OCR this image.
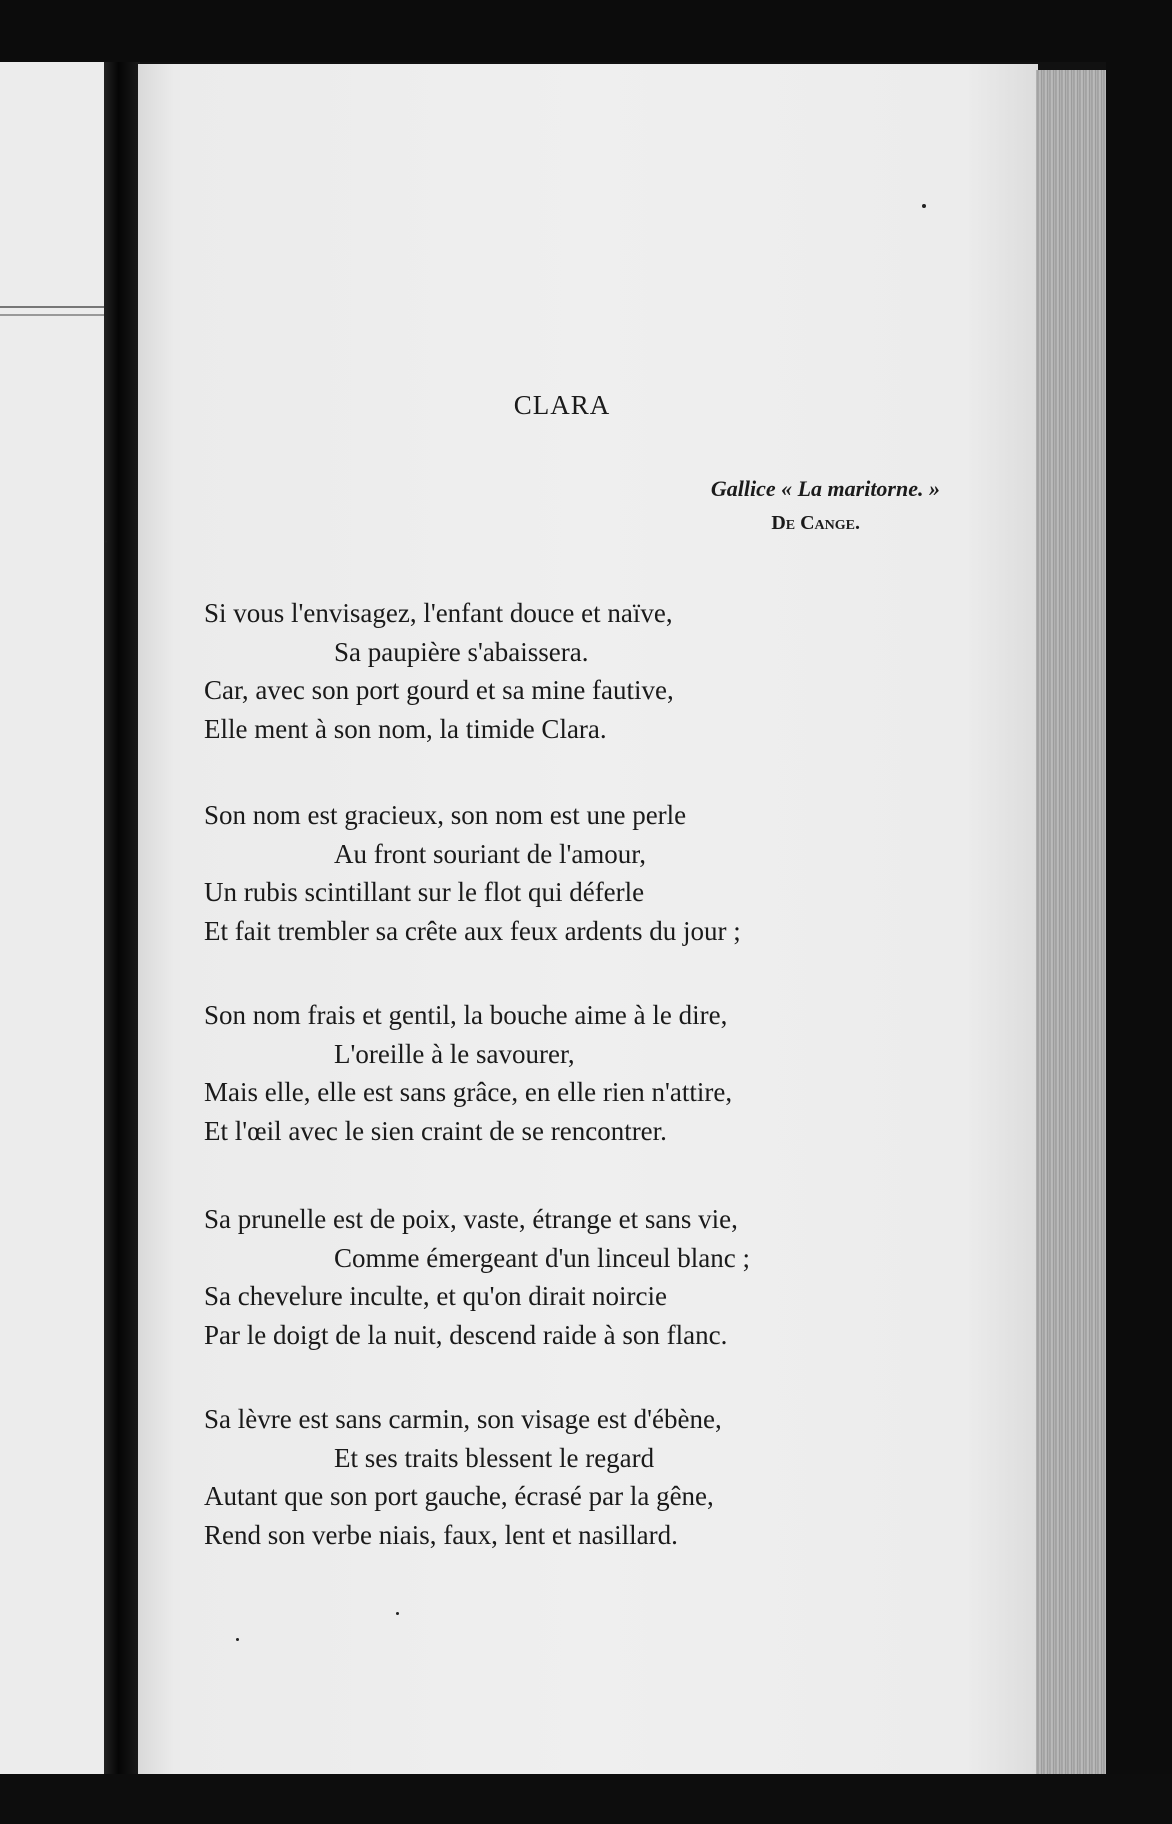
CLARA
Gallice « La maritorne. »
De Cange.
Si vous l'envisagez, l'enfant douce et naïve,
Sa paupière s'abaissera.
Car, avec son port gourd et sa mine fautive,
Elle ment à son nom, la timide Clara.
Son nom est gracieux, son nom est une perle
Au front souriant de l'amour,
Un rubis scintillant sur le flot qui déferle
Et fait trembler sa crête aux feux ardents du jour ;
Son nom frais et gentil, la bouche aime à le dire,
L'oreille à le savourer,
Mais elle, elle est sans grâce, en elle rien n'attire,
Et l'œil avec le sien craint de se rencontrer.
Sa prunelle est de poix, vaste, étrange et sans vie,
Comme émergeant d'un linceul blanc ;
Sa chevelure inculte, et qu'on dirait noircie
Par le doigt de la nuit, descend raide à son flanc.
Sa lèvre est sans carmin, son visage est d'ébène,
Et ses traits blessent le regard
Autant que son port gauche, écrasé par la gêne,
Rend son verbe niais, faux, lent et nasillard.
